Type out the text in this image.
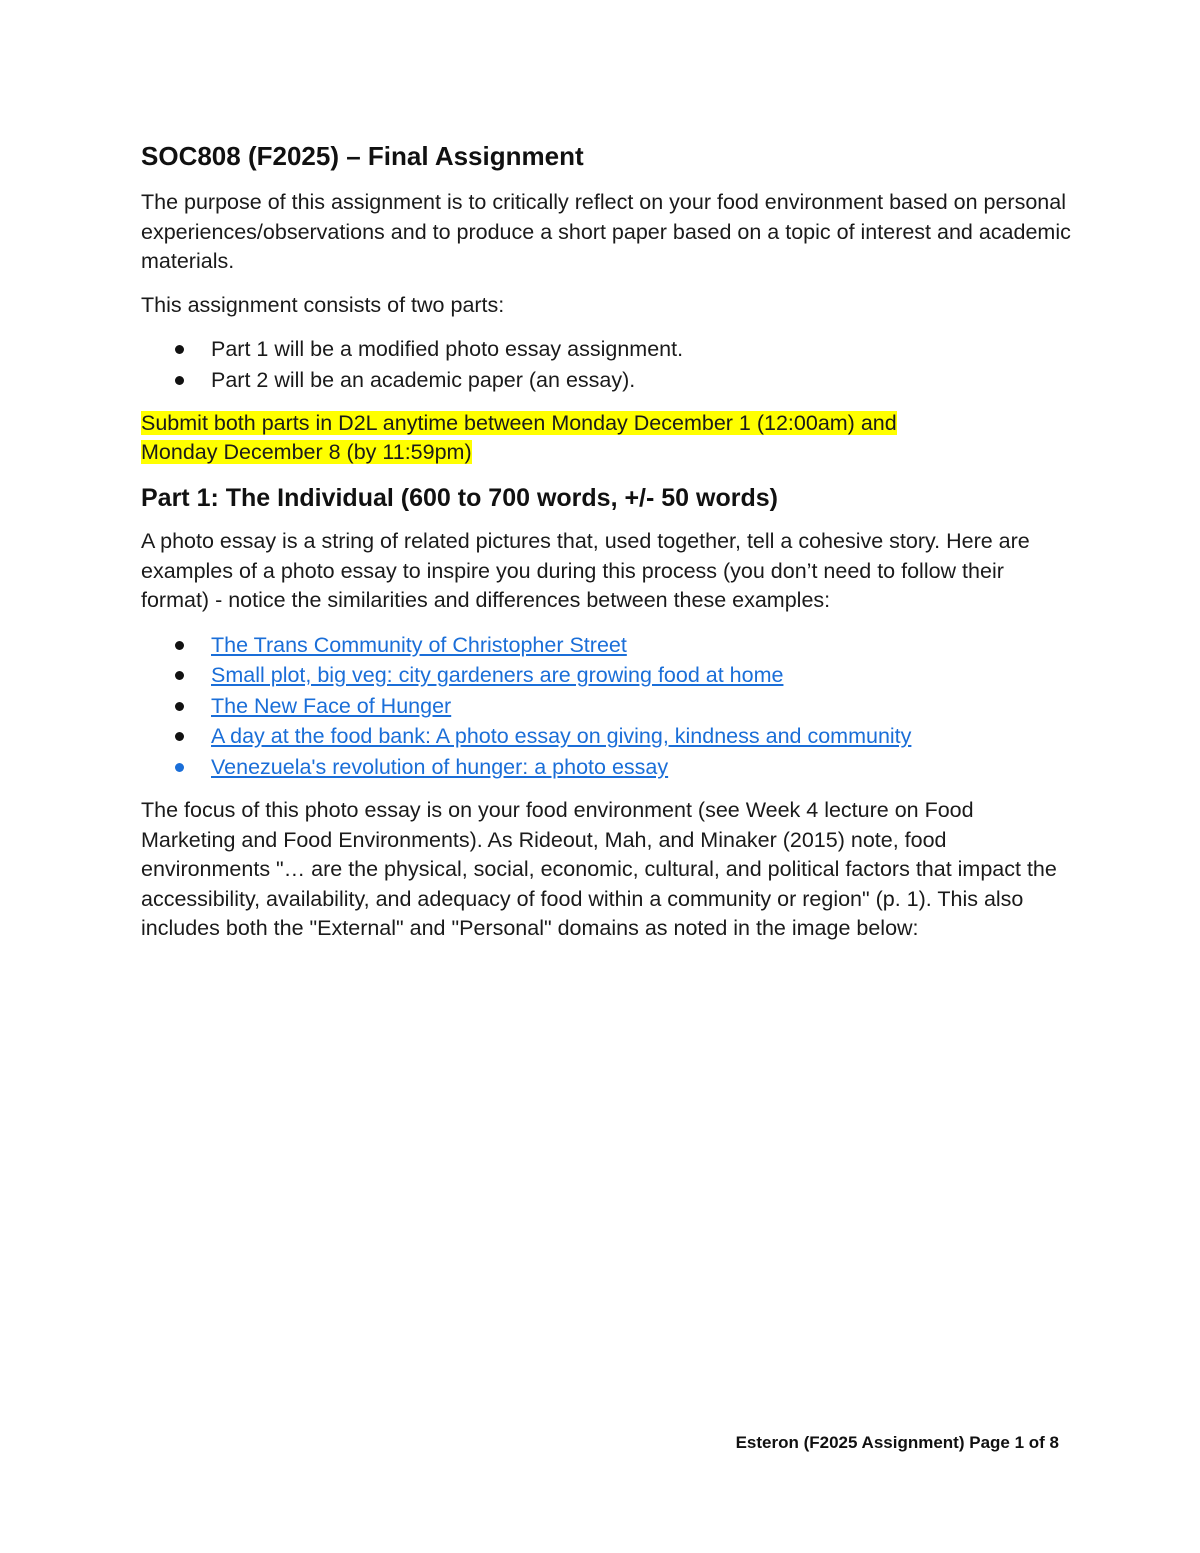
SOC808 (F2025) – Final Assignment

The purpose of this assignment is to critically reflect on your food environment based on personal experiences/observations and to produce a short paper based on a topic of interest and academic materials.

This assignment consists of two parts:

Part 1 will be a modified photo essay assignment.
Part 2 will be an academic paper (an essay).

Submit both parts in D2L anytime between Monday December 1 (12:00am) and
Monday December 8 (by 11:59pm)

Part 1: The Individual (600 to 700 words, +/- 50 words)

A photo essay is a string of related pictures that, used together, tell a cohesive story. Here are examples of a photo essay to inspire you during this process (you don’t need to follow their format) - notice the similarities and differences between these examples:

The Trans Community of Christopher Street
Small plot, big veg: city gardeners are growing food at home
The New Face of Hunger
A day at the food bank: A photo essay on giving, kindness and community
Venezuela's revolution of hunger: a photo essay

The focus of this photo essay is on your food environment (see Week 4 lecture on Food Marketing and Food Environments). As Rideout, Mah, and Minaker (2015) note, food environments "… are the physical, social, economic, cultural, and political factors that impact the accessibility, availability, and adequacy of food within a community or region" (p. 1). This also includes both the "External" and "Personal" domains as noted in the image below:

Esteron (F2025 Assignment) Page 1 of 8
